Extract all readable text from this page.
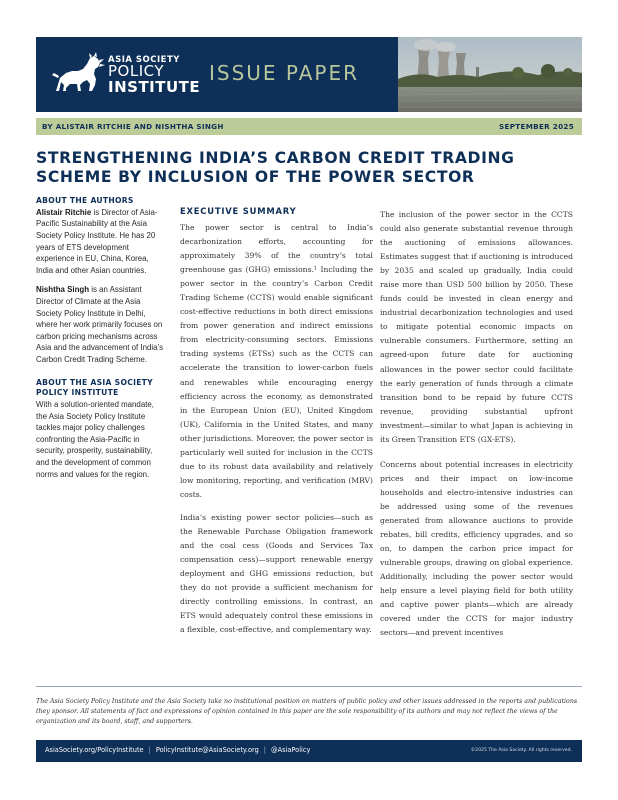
ASIA SOCIETY
POLICY
INSTITUTE
ISSUE PAPER
BY ALISTAIR RITCHIE AND NISHTHA SINGH	SEPTEMBER 2025
STRENGTHENING INDIA’S CARBON CREDIT TRADING SCHEME BY INCLUSION OF THE POWER SECTOR
ABOUT THE AUTHORS
Alistair Ritchie is Director of Asia-Pacific Sustainability at the Asia Society Policy Institute. He has 20 years of ETS development experience in EU, China, Korea, India and other Asian countries.
Nishtha Singh is an Assistant Director of Climate at the Asia Society Policy Institute in Delhi, where her work primarily focuses on carbon pricing mechanisms across Asia and the advancement of India’s Carbon Credit Trading Scheme.
ABOUT THE ASIA SOCIETY POLICY INSTITUTE
With a solution-oriented mandate, the Asia Society Policy Institute tackles major policy challenges confronting the Asia-Pacific in security, prosperity, sustainability, and the development of common norms and values for the region.
EXECUTIVE SUMMARY

The power sector is central to India’s decarbonization efforts, accounting for approximately 39% of the country’s total greenhouse gas (GHG) emissions.¹ Including the power sector in the country’s Carbon Credit Trading Scheme (CCTS) would enable significant cost-effective reductions in both direct emissions from power generation and indirect emissions from electricity-consuming sectors. Emissions trading systems (ETSs) such as the CCTS can accelerate the transition to lower-carbon fuels and renewables while encouraging energy efficiency across the economy, as demonstrated in the European Union (EU), United Kingdom (UK), California in the United States, and many other jurisdictions. Moreover, the power sector is particularly well suited for inclusion in the CCTS due to its robust data availability and relatively low monitoring, reporting, and verification (MRV) costs.

India’s existing power sector policies—such as the Renewable Purchase Obligation framework and the coal cess (Goods and Services Tax compensation cess)—support renewable energy deployment and GHG emissions reduction, but they do not provide a sufficient mechanism for directly controlling emissions. In contrast, an ETS would adequately control these emissions in a flexible, cost-effective, and complementary way.

The inclusion of the power sector in the CCTS could also generate substantial revenue through the auctioning of emissions allowances. Estimates suggest that if auctioning is introduced by 2035 and scaled up gradually, India could raise more than USD 500 billion by 2050. These funds could be invested in clean energy and industrial decarbonization technologies and used to mitigate potential economic impacts on vulnerable consumers. Furthermore, setting an agreed-upon future date for auctioning allowances in the power sector could facilitate the early generation of funds through a climate transition bond to be repaid by future CCTS revenue, providing substantial upfront investment—similar to what Japan is achieving in its Green Transition ETS (GX-ETS).

Concerns about potential increases in electricity prices and their impact on low-income households and electro-intensive industries can be addressed using some of the revenues generated from allowance auctions to provide rebates, bill credits, efficiency upgrades, and so on, to dampen the carbon price impact for vulnerable groups, drawing on global experience. Additionally, including the power sector would help ensure a level playing field for both utility and captive power plants—which are already covered under the CCTS for major industry sectors—and prevent incentives

The Asia Society Policy Institute and the Asia Society take no institutional position on matters of public policy and other issues addressed in the reports and publications they sponsor. All statements of fact and expressions of opinion contained in this paper are the sole responsibility of its authors and may not reflect the views of the organization and its board, staff, and supporters.
AsiaSociety.org/PolicyInstitute | PolicyInstitute@AsiaSociety.org | @AsiaPolicy	©2025 The Asia Society. All rights reserved.
